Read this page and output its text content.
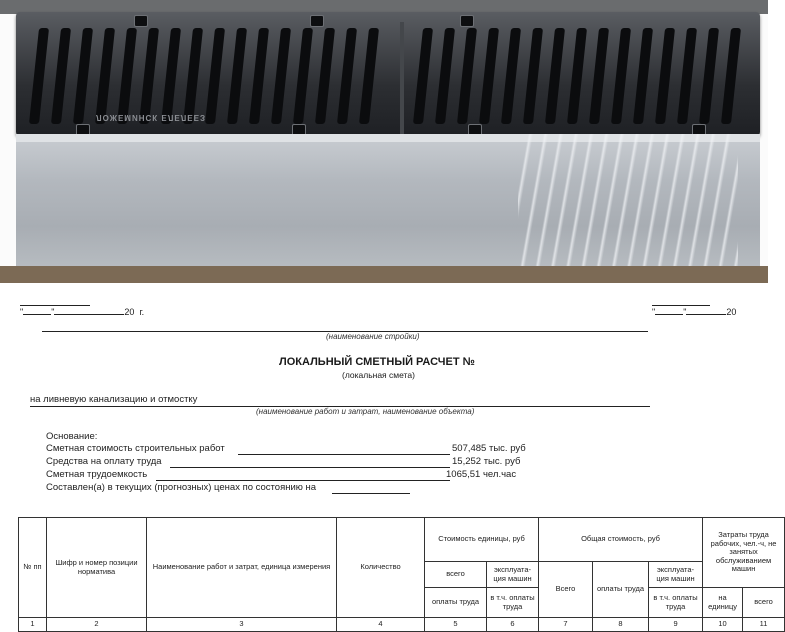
ЛОЖЕМИНСК ЕЛЕЛЕЕЗ
"	"	20 г.	"	"	20
(наименование стройки)
ЛОКАЛЬНЫЙ СМЕТНЫЙ РАСЧЕТ №
(локальная смета)
на ливневую канализацию и отмостку
(наименование работ и затрат, наименование объекта)
Основание:
Сметная стоимость строительных работ	507,485 тыс. руб
Средства на оплату труда	15,252 тыс. руб
Сметная трудоемкость	1065,51 чел.час
Составлен(а) в текущих (прогнозных) ценах по состоянию на
№ пп	Шифр и номер позиции норматива	Наименование работ и затрат, единица измерения	Количество	Стоимость единицы, руб		Общая стоимость, руб			Затраты труда рабочих, чел.-ч, не занятых обслуживанием машин	
				всего	эксплуата-ция машин	Всего	оплаты труда	эксплуата-ция машин		
				оплаты труда	в т.ч. оплаты труда			в т.ч. оплаты труда	на единицу	всего
1	2	3	4	5	6	7	8	9	10	11
